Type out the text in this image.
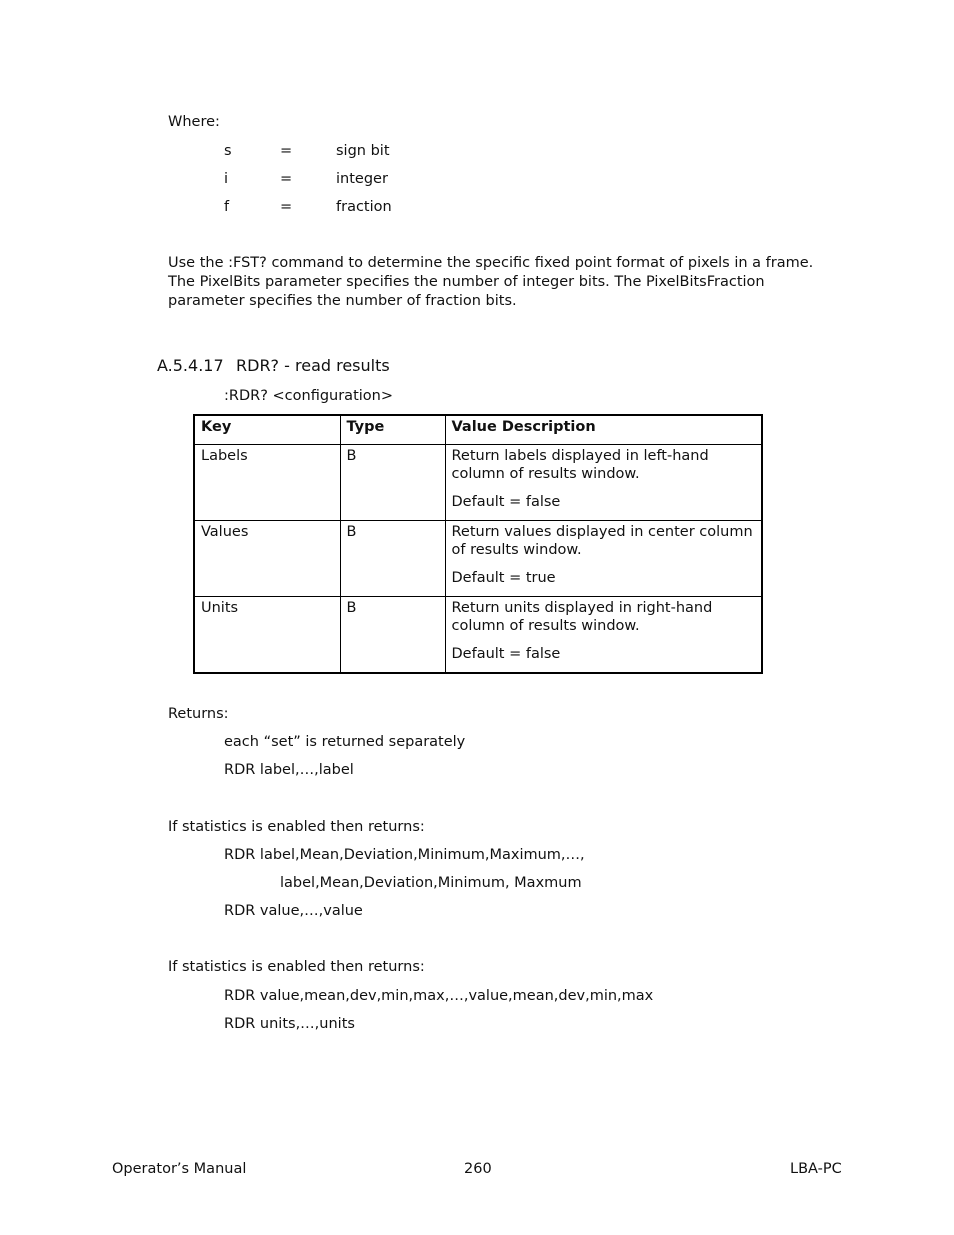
Where:
s	=	sign bit
i	=	integer
f	=	fraction
Use the :FST? command to determine the specific fixed point format of pixels in a frame. The PixelBits parameter specifies the number of integer bits. The PixelBitsFraction parameter specifies the number of fraction bits.
A.5.4.17 RDR? - read results
:RDR? <configuration>
Key	Type	Value Description
Labels	B	Return labels displayed in left-hand column of results window.
Default = false

Values	B	Return values displayed in center column of results window.
Default = true

Units	B	Return units displayed in right-hand column of results window.
Default = false
Returns:
each “set” is returned separately
RDR label,…,label
If statistics is enabled then returns:
RDR label,Mean,Deviation,Minimum,Maximum,…,
label,Mean,Deviation,Minimum, Maxmum
RDR value,…,value
If statistics is enabled then returns:
RDR value,mean,dev,min,max,…,value,mean,dev,min,max
RDR units,…,units
Operator’s Manual	260	LBA-PC
